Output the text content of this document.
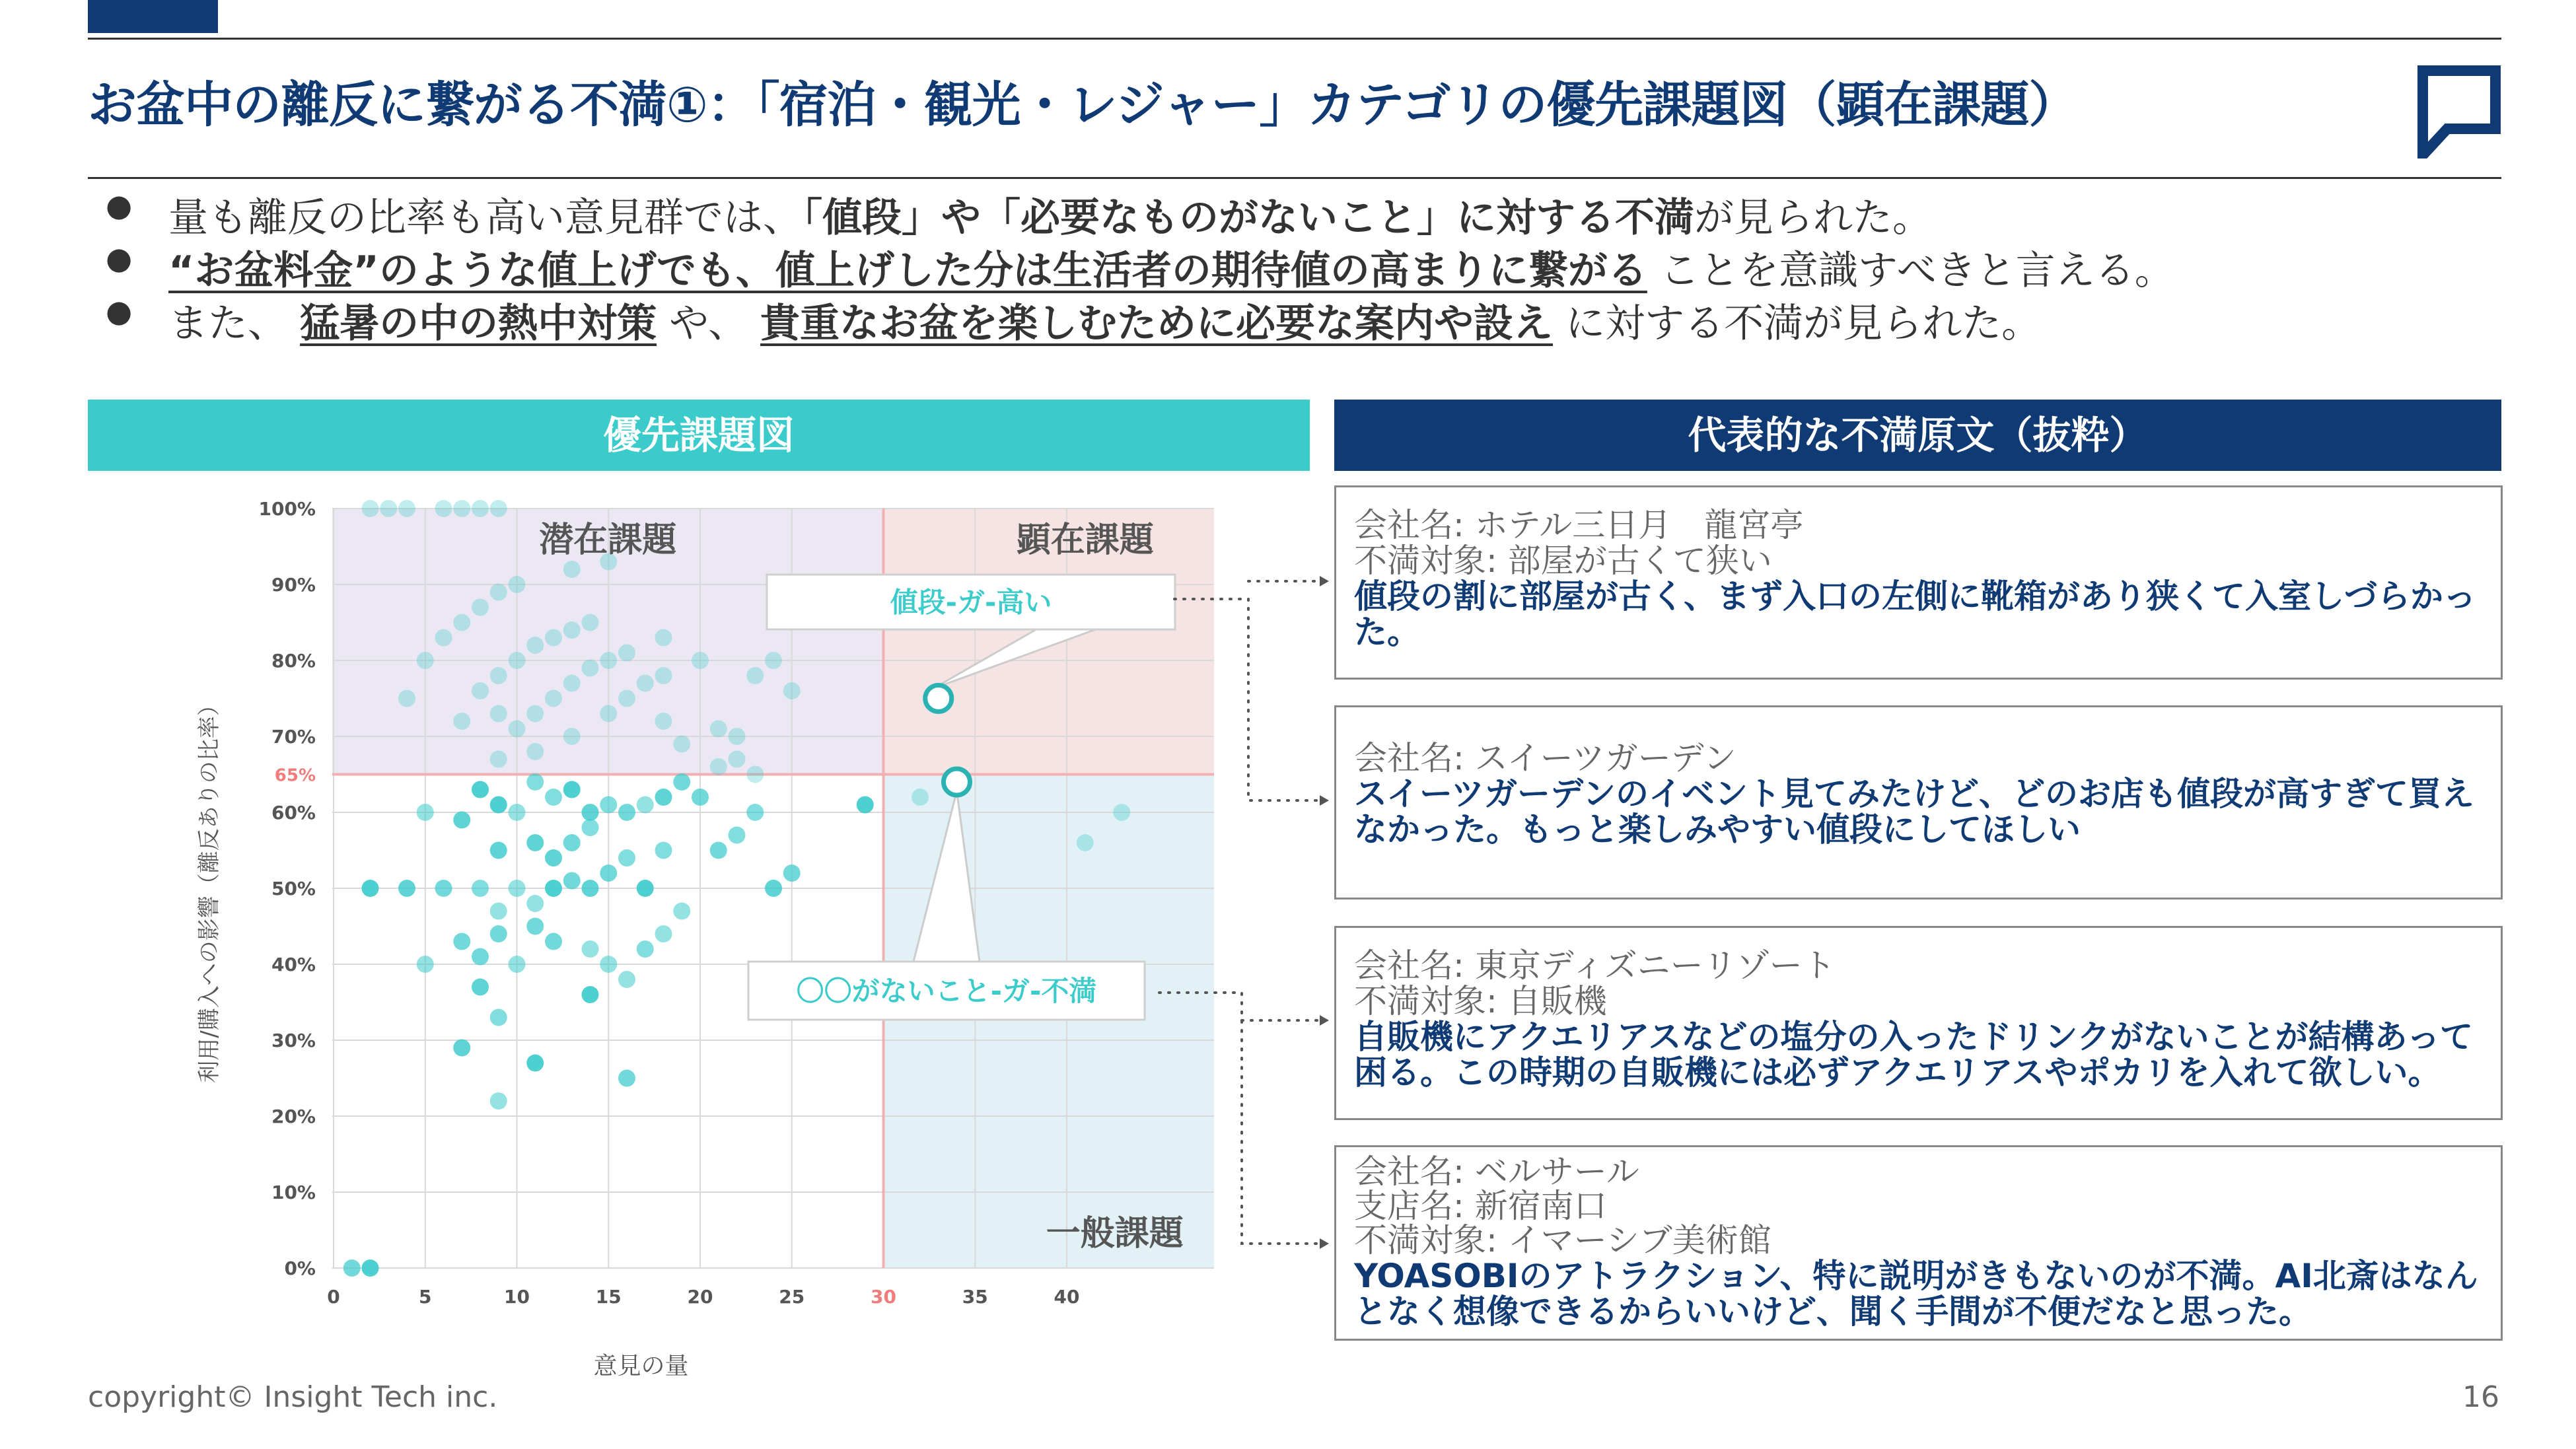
お盆中の離反に繋がる不満①：「宿泊・観光・レジャー」カテゴリの優先課題図（顕在課題）
● 量も離反の比率も高い意見群では、「値段」や「必要なものがないこと」に対する不満が見られた。
● “お盆料金”のような値上げでも、値上げした分は生活者の期待値の高まりに繋がる ことを意識すべきと言える。
● また、 猛暑の中の熱中対策 や、 貴重なお盆を楽しむために必要な案内や設え に対する不満が見られた。
優先課題図	代表的な不満原文（抜粋）
0%
10%
20%
30%
40%
50%
60%
70%
80%
90%
100%
0	5	10	15	20	25	30	35	40
65%
潜在課題	顕在課題
一般課題
値段-ガ-高い
〇〇がないこと-ガ-不満
意見の量
利用/購入への影響（離反ありの比率）
会社名: ホテル三日月　龍宮亭
不満対象: 部屋が古くて狭い
値段の割に部屋が古く、まず入口の左側に靴箱があり狭くて入室しづらかっ
た。
会社名: スイーツガーデン
スイーツガーデンのイベント見てみたけど、どのお店も値段が高すぎて買え
なかった。もっと楽しみやすい値段にしてほしい
会社名: 東京ディズニーリゾート
不満対象: 自販機
自販機にアクエリアスなどの塩分の入ったドリンクがないことが結構あって
困る。この時期の自販機には必ずアクエリアスやポカリを入れて欲しい。
会社名: ベルサール
支店名: 新宿南口
不満対象: イマーシブ美術館
YOASOBIのアトラクション、特に説明がきもないのが不満。AI北斎はなん
となく想像できるからいいけど、聞く手間が不便だなと思った。
copyright© Insight Tech inc.	16
